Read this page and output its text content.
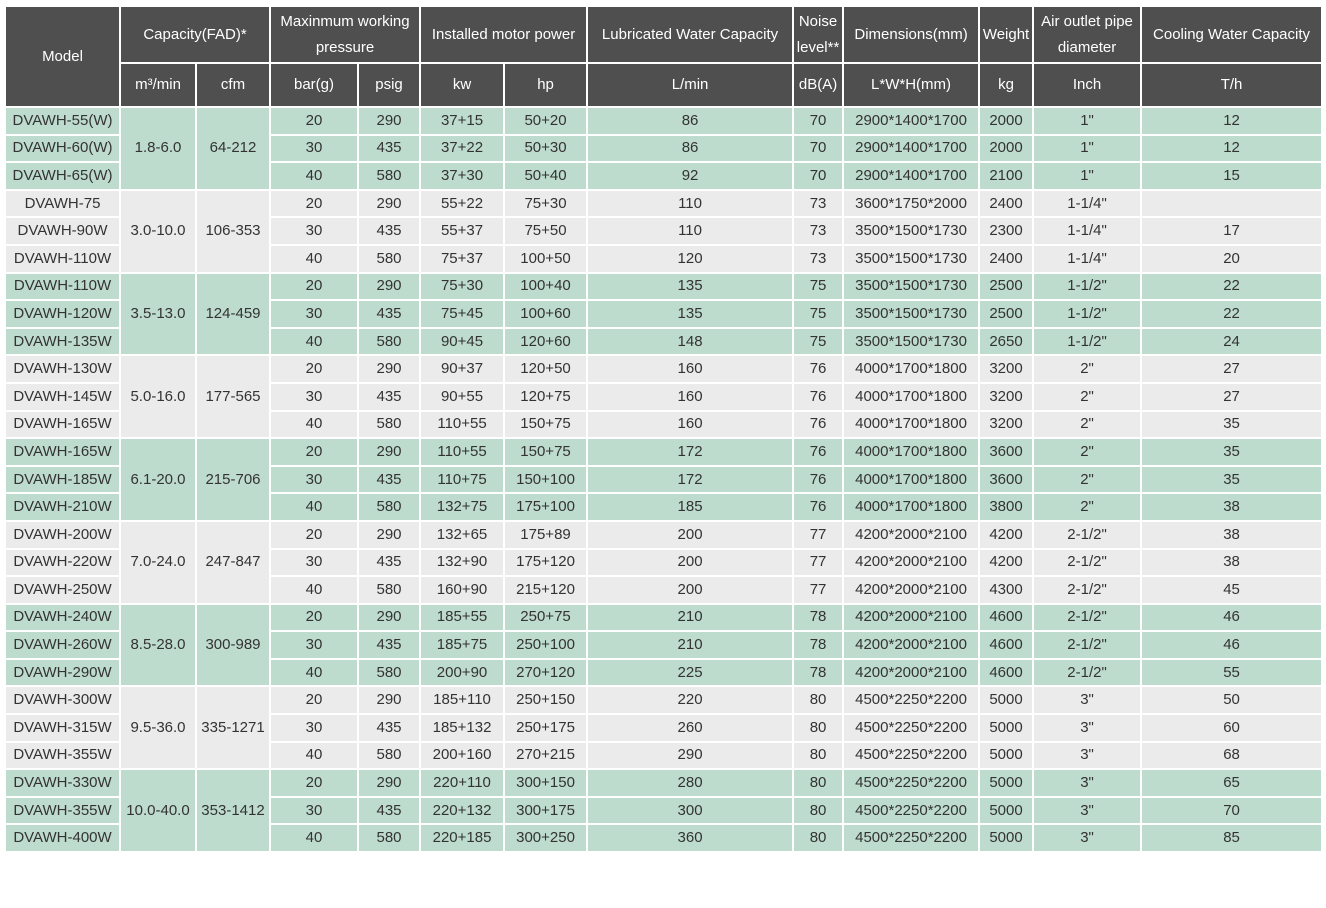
Model	Capacity(FAD)*		Maxinmum working pressure		Installed motor power		Lubricated Water Capacity	Noise level**	Dimensions(mm)	Weight	Air outlet pipe diameter	Cooling Water Capacity
	m³/min	cfm	bar(g)	psig	kw	hp	L/min	dB(A)	L*W*H(mm)	kg	Inch	T/h
DVAWH-55(W)	1.8-6.0	64-212	20	290	37+15	50+20	86	70	2900*1400*1700	2000	1"	12
DVAWH-60(W)			30	435	37+22	50+30	86	70	2900*1400*1700	2000	1"	12
DVAWH-65(W)			40	580	37+30	50+40	92	70	2900*1400*1700	2100	1"	15
DVAWH-75	3.0-10.0	106-353	20	290	55+22	75+30	110	73	3600*1750*2000	2400	1-1/4"	
DVAWH-90W			30	435	55+37	75+50	110	73	3500*1500*1730	2300	1-1/4"	17
DVAWH-110W			40	580	75+37	100+50	120	73	3500*1500*1730	2400	1-1/4"	20
DVAWH-110W	3.5-13.0	124-459	20	290	75+30	100+40	135	75	3500*1500*1730	2500	1-1/2"	22
DVAWH-120W			30	435	75+45	100+60	135	75	3500*1500*1730	2500	1-1/2"	22
DVAWH-135W			40	580	90+45	120+60	148	75	3500*1500*1730	2650	1-1/2"	24
DVAWH-130W	5.0-16.0	177-565	20	290	90+37	120+50	160	76	4000*1700*1800	3200	2"	27
DVAWH-145W			30	435	90+55	120+75	160	76	4000*1700*1800	3200	2"	27
DVAWH-165W			40	580	110+55	150+75	160	76	4000*1700*1800	3200	2"	35
DVAWH-165W	6.1-20.0	215-706	20	290	110+55	150+75	172	76	4000*1700*1800	3600	2"	35
DVAWH-185W			30	435	110+75	150+100	172	76	4000*1700*1800	3600	2"	35
DVAWH-210W			40	580	132+75	175+100	185	76	4000*1700*1800	3800	2"	38
DVAWH-200W	7.0-24.0	247-847	20	290	132+65	175+89	200	77	4200*2000*2100	4200	2-1/2"	38
DVAWH-220W			30	435	132+90	175+120	200	77	4200*2000*2100	4200	2-1/2"	38
DVAWH-250W			40	580	160+90	215+120	200	77	4200*2000*2100	4300	2-1/2"	45
DVAWH-240W	8.5-28.0	300-989	20	290	185+55	250+75	210	78	4200*2000*2100	4600	2-1/2"	46
DVAWH-260W			30	435	185+75	250+100	210	78	4200*2000*2100	4600	2-1/2"	46
DVAWH-290W			40	580	200+90	270+120	225	78	4200*2000*2100	4600	2-1/2"	55
DVAWH-300W	9.5-36.0	335-1271	20	290	185+110	250+150	220	80	4500*2250*2200	5000	3"	50
DVAWH-315W			30	435	185+132	250+175	260	80	4500*2250*2200	5000	3"	60
DVAWH-355W			40	580	200+160	270+215	290	80	4500*2250*2200	5000	3"	68
DVAWH-330W	10.0-40.0	353-1412	20	290	220+110	300+150	280	80	4500*2250*2200	5000	3"	65
DVAWH-355W			30	435	220+132	300+175	300	80	4500*2250*2200	5000	3"	70
DVAWH-400W			40	580	220+185	300+250	360	80	4500*2250*2200	5000	3"	85
